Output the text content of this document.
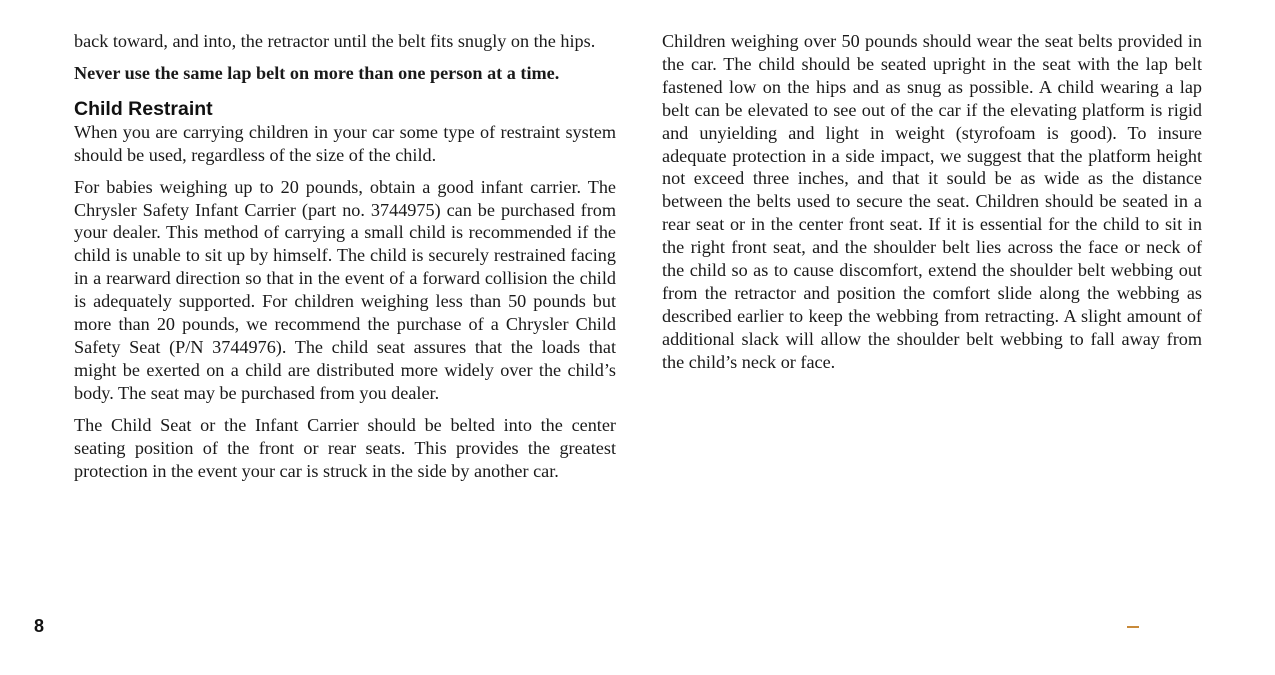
back toward, and into, the retractor until the belt fits snugly on the hips.

Never use the same lap belt on more than one person at a time.

Child Restraint

When you are carrying children in your car some type of restraint system should be used, regardless of the size of the child.

For babies weighing up to 20 pounds, obtain a good infant carrier. The Chrysler Safety Infant Carrier (part no. 3744975) can be purchased from your dealer. This method of carrying a small child is recommended if the child is unable to sit up by himself. The child is securely restrained facing in a rearward direction so that in the event of a forward collision the child is adequately supported. For children weighing less than 50 pounds but more than 20 pounds, we recommend the purchase of a Chrysler Child Safety Seat (P/N 3744976). The child seat assures that the loads that might be exerted on a child are distributed more widely over the child’s body. The seat may be purchased from you dealer.

The Child Seat or the Infant Carrier should be belted into the center seating position of the front or rear seats. This provides the greatest protection in the event your car is struck in the side by another car.

Children weighing over 50 pounds should wear the seat belts provided in the car. The child should be seated upright in the seat with the lap belt fastened low on the hips and as snug as possible. A child wearing a lap belt can be elevated to see out of the car if the elevating platform is rigid and unyielding and light in weight (styrofoam is good). To insure adequate protection in a side impact, we suggest that the platform height not exceed three inches, and that it sould be as wide as the distance between the belts used to secure the seat. Children should be seated in a rear seat or in the center front seat. If it is essential for the child to sit in the right front seat, and the shoulder belt lies across the face or neck of the child so as to cause discomfort, extend the shoulder belt webbing out from the retractor and position the comfort slide along the webbing as described earlier to keep the webbing from retracting. A slight amount of additional slack will allow the shoulder belt webbing to fall away from the child’s neck or face.

8
